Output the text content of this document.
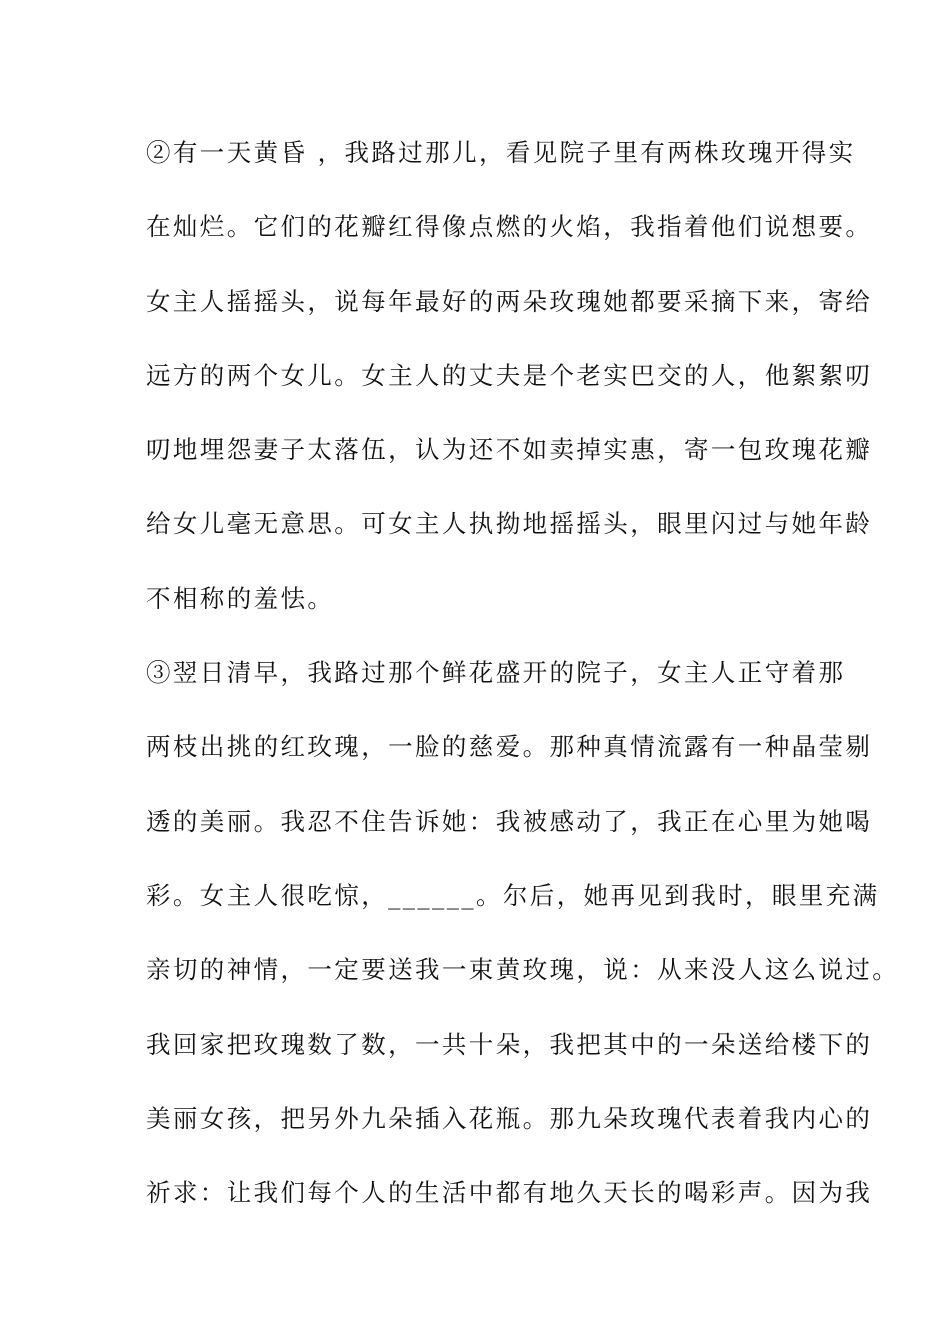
②有一天黄昏 ，我路过那儿，看见院子里有两株玫瑰开得实
在灿烂。它们的花瓣红得像点燃的火焰，我指着他们说想要。
女主人摇摇头，说每年最好的两朵玫瑰她都要采摘下来，寄给
远方的两个女儿。女主人的丈夫是个老实巴交的人，他絮絮叨
叨地埋怨妻子太落伍，认为还不如卖掉实惠，寄一包玫瑰花瓣
给女儿毫无意思。可女主人执拗地摇摇头，眼里闪过与她年龄
不相称的羞怯。
③翌日清早，我路过那个鲜花盛开的院子，女主人正守着那
两枝出挑的红玫瑰，一脸的慈爱。那种真情流露有一种晶莹剔
透的美丽。我忍不住告诉她：我被感动了，我正在心里为她喝
彩。女主人很吃惊，______。尔后，她再见到我时，眼里充满
亲切的神情，一定要送我一束黄玫瑰，说：从来没人这么说过。
我回家把玫瑰数了数，一共十朵，我把其中的一朵送给楼下的
美丽女孩，把另外九朵插入花瓶。那九朵玫瑰代表着我内心的
祈求：让我们每个人的生活中都有地久天长的喝彩声。因为我
